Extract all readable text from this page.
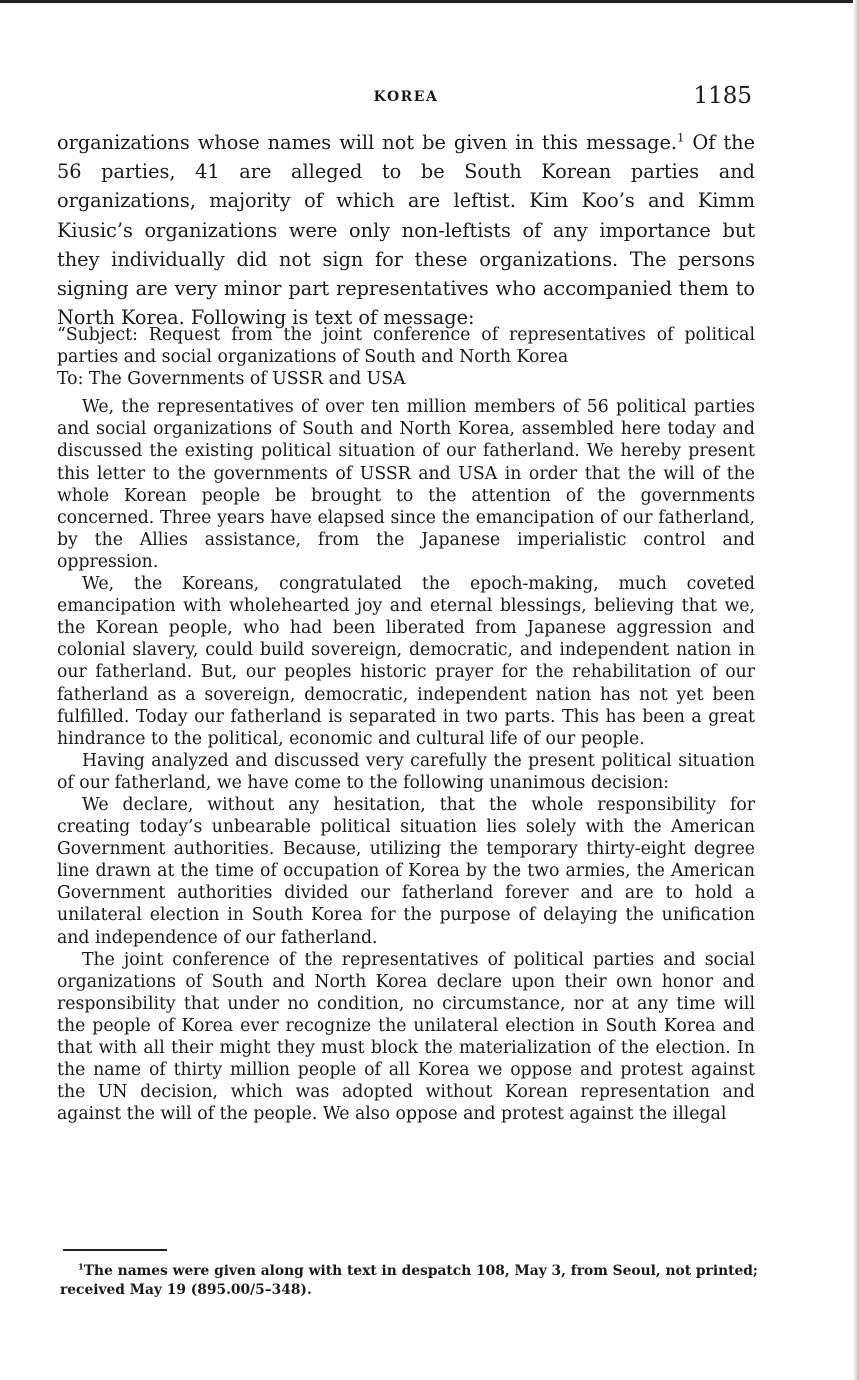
KOREA	1185

organizations whose names will not be given in this message.$^1$ Of the 56 parties, 41 are alleged to be South Korean parties and organizations, majority of which are leftist. Kim Koo’s and Kimm Kiusic’s organizations were only non-leftists of any importance but they individually did not sign for these organizations. The persons signing are very minor part representatives who accompanied them to North Korea. Following is text of message:

“Subject: Request from the joint conference of representatives of political parties and social organizations of South and North Korea

To: The Governments of USSR and USA

We, the representatives of over ten million members of 56 political parties and social organizations of South and North Korea, assembled here today and discussed the existing political situation of our fatherland. We hereby present this letter to the governments of USSR and USA in order that the will of the whole Korean people be brought to the attention of the governments concerned. Three years have elapsed since the emancipation of our fatherland, by the Allies assistance, from the Japanese imperialistic control and oppression.

We, the Koreans, congratulated the epoch-making, much coveted emancipation with wholehearted joy and eternal blessings, believing that we, the Korean people, who had been liberated from Japanese aggression and colonial slavery, could build sovereign, democratic, and independent nation in our fatherland. But, our peoples historic prayer for the rehabilitation of our fatherland as a sovereign, democratic, independent nation has not yet been fulfilled. Today our fatherland is separated in two parts. This has been a great hindrance to the political, economic and cultural life of our people.

Having analyzed and discussed very carefully the present political situation of our fatherland, we have come to the following unanimous decision:

We declare, without any hesitation, that the whole responsibility for creating today’s unbearable political situation lies solely with the American Government authorities. Because, utilizing the temporary thirty-eight degree line drawn at the time of occupation of Korea by the two armies, the American Government authorities divided our fatherland forever and are to hold a unilateral election in South Korea for the purpose of delaying the unification and independence of our fatherland.

The joint conference of the representatives of political parties and social organizations of South and North Korea declare upon their own honor and responsibility that under no condition, no circumstance, nor at any time will the people of Korea ever recognize the unilateral election in South Korea and that with all their might they must block the materialization of the election. In the name of thirty million people of all Korea we oppose and protest against the UN decision, which was adopted without Korean representation and against the will of the people. We also oppose and protest against the illegal

$^1$The names were given along with text in despatch 108, May 3, from Seoul, not printed; received May 19 (895.00/5–348).
